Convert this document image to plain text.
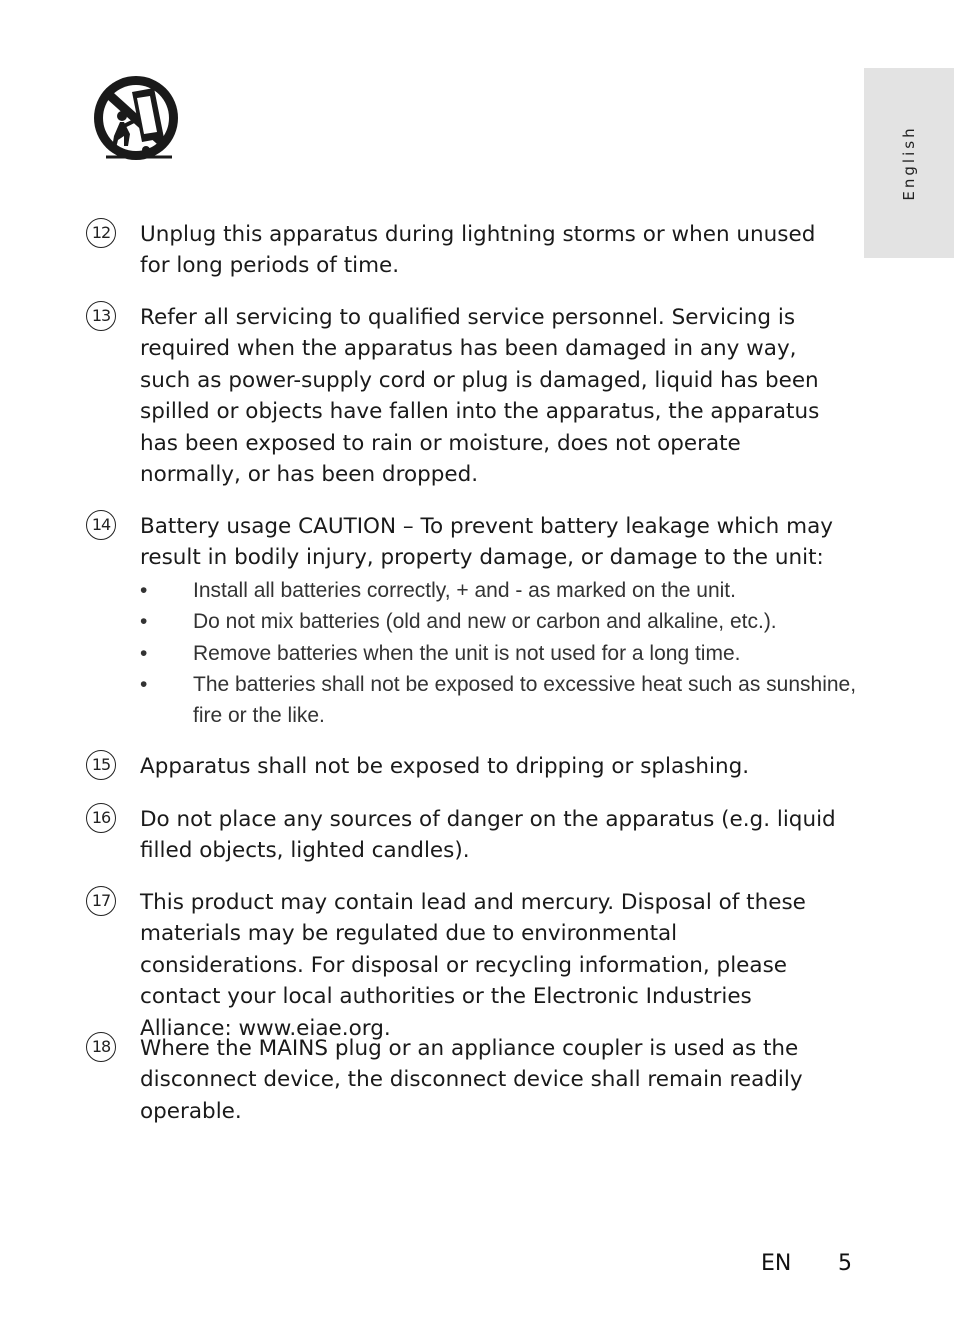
English
12 Unplug this apparatus during lightning storms or when unused for long periods of time.
13 Refer all servicing to qualified service personnel. Servicing is required when the apparatus has been damaged in any way, such as power-supply cord or plug is damaged, liquid has been spilled or objects have fallen into the apparatus, the apparatus has been exposed to rain or moisture, does not operate normally, or has been dropped.
14 Battery usage CAUTION – To prevent battery leakage which may result in bodily injury, property damage, or damage to the unit:
• Install all batteries correctly, + and - as marked on the unit.
• Do not mix batteries (old and new or carbon and alkaline, etc.).
• Remove batteries when the unit is not used for a long time.
• The batteries shall not be exposed to excessive heat such as sunshine, fire or the like.
15 Apparatus shall not be exposed to dripping or splashing.
16 Do not place any sources of danger on the apparatus (e.g. liquid filled objects, lighted candles).
17 This product may contain lead and mercury. Disposal of these materials may be regulated due to environmental considerations. For disposal or recycling information, please contact your local authorities or the Electronic Industries Alliance: www.eiae.org.
18 Where the MAINS plug or an appliance coupler is used as the disconnect device, the disconnect device shall remain readily operable.
EN 5
